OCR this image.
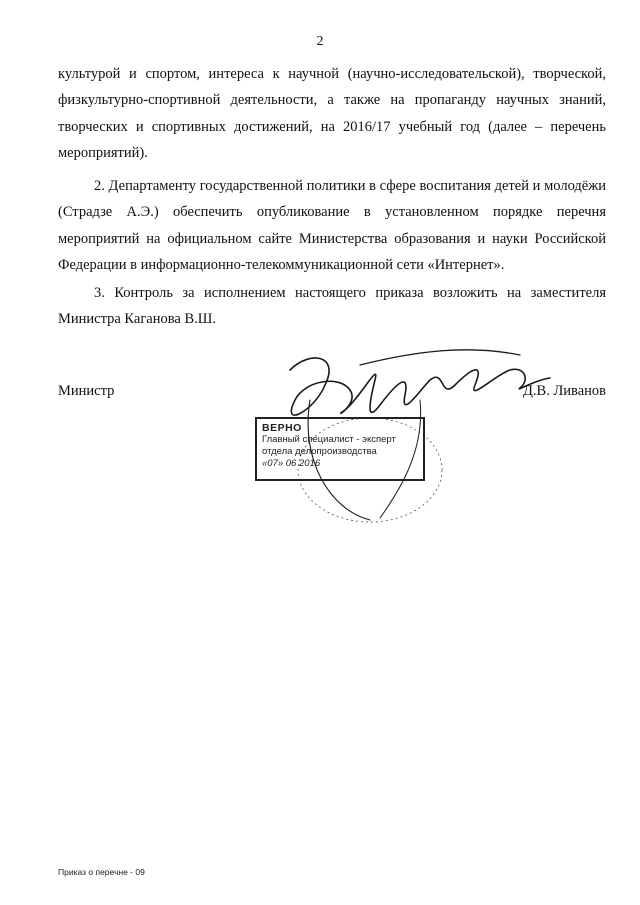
2
культурой и спортом, интереса к научной (научно-исследовательской), творческой, физкультурно-спортивной деятельности, а также на пропаганду научных знаний, творческих и спортивных достижений, на 2016/17 учебный год (далее – перечень мероприятий).
2. Департаменту государственной политики в сфере воспитания детей и молодёжи (Страдзе А.Э.) обеспечить опубликование в установленном порядке перечня мероприятий на официальном сайте Министерства образования и науки Российской Федерации в информационно-телекоммуникационной сети «Интернет».
3. Контроль за исполнением настоящего приказа возложить на заместителя Министра Каганова В.Ш.
Министр	Д.В. Ливанов
ВЕРНО
Главный специалист - эксперт
отдела делопроизводства
«07» 06 2016
Приказ о перечне - 09
